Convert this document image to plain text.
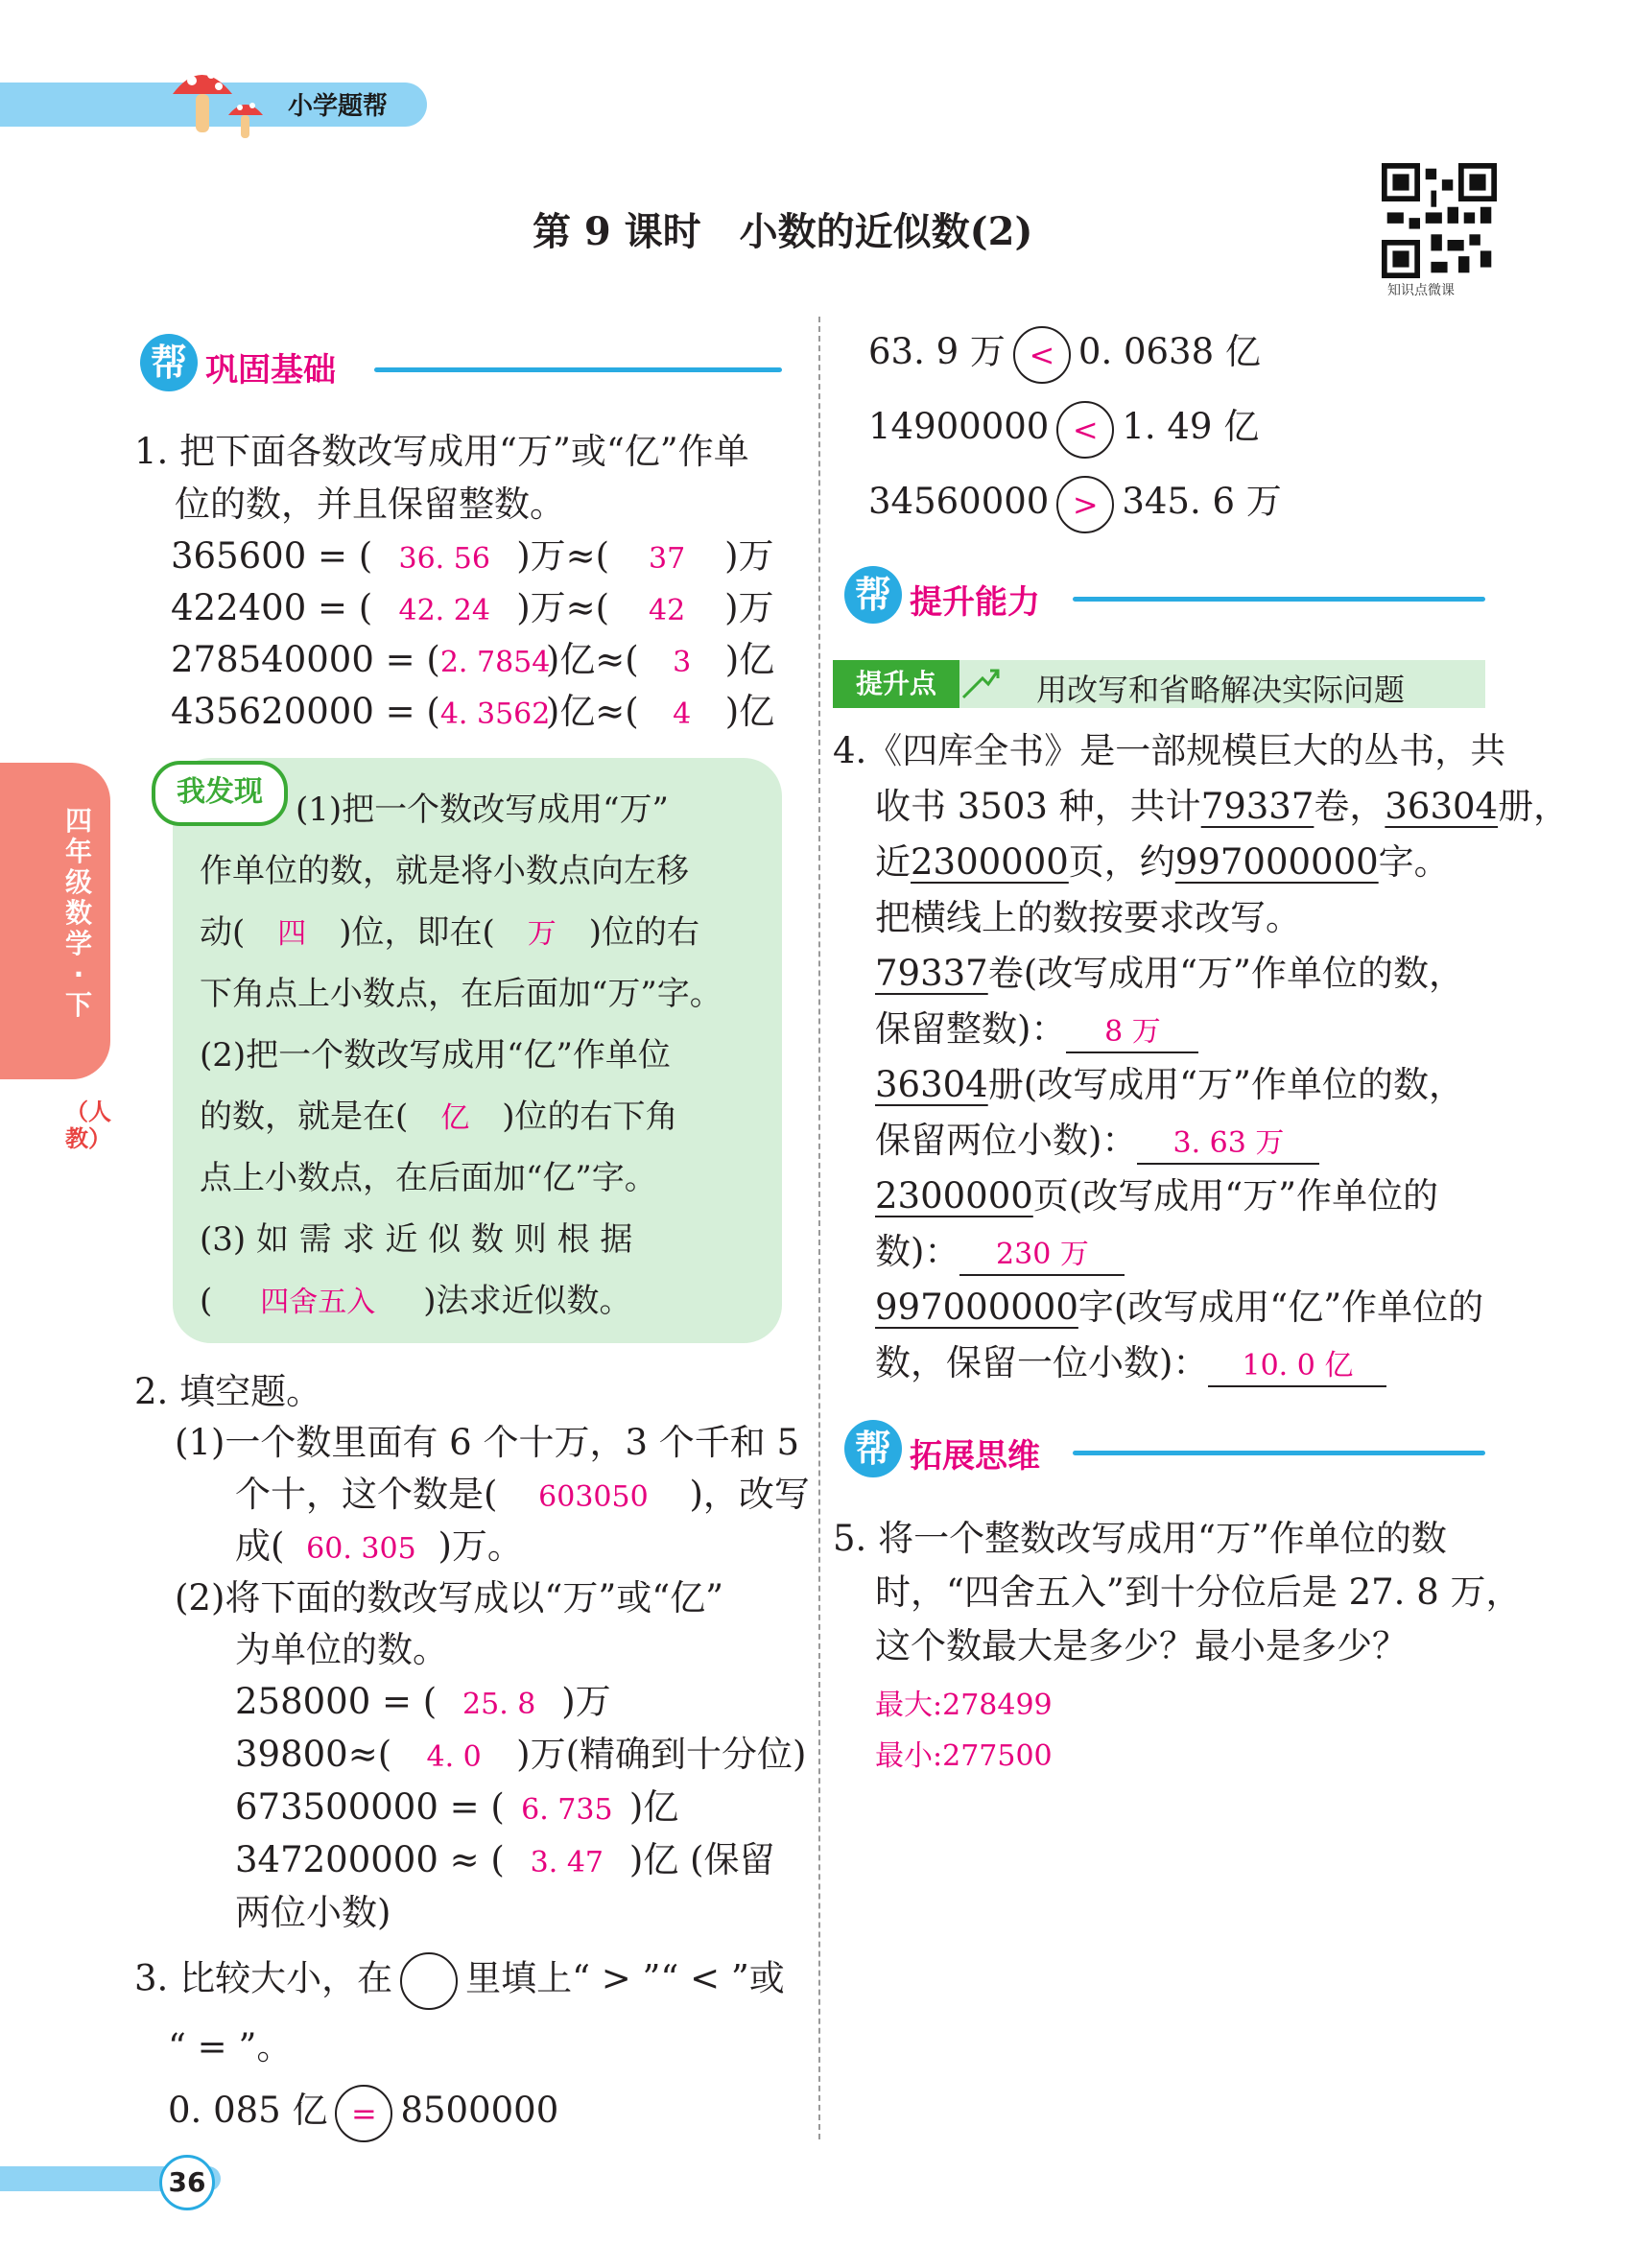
小学题帮
第 9 课时　小数的近似数(2)
知识点微课
四年级数学·下
（人教）
帮 巩固基础
1. 把下面各数改写成用“万”或“亿”作单
位的数，并且保留整数。
365600 = ( 36. 56 )万≈( 37 )万
422400 = ( 42. 24 )万≈( 42 )万
278540000 = (2. 7854)亿≈( 3 )亿
435620000 = (4. 3562)亿≈( 4 )亿
我发现	(1)把一个数改写成用“万”
作单位的数，就是将小数点向左移
动( 四 )位，即在( 万 )位的右
下角点上小数点，在后面加“万”字。
(2)把一个数改写成用“亿”作单位
的数，就是在( 亿 )位的右下角
点上小数点，在后面加“亿”字。
(3) 如 需 求 近 似 数 则 根 据
( 四舍五入 )法求近似数。
2. 填空题。
(1)一个数里面有 6 个十万，3 个千和 5
个十，这个数是( 603050 )，改写
成( 60. 305 )万。
(2)将下面的数改写成以“万”或“亿”
为单位的数。
258000 = ( 25. 8 )万
39800≈( 4. 0 )万(精确到十分位)
673500000 = ( 6. 735 )亿
347200000 ≈ ( 3. 47 )亿 (保留
两位小数)
3. 比较大小，在 里填上“ > ”“ < ”或
“ = ”。
0. 085 亿 = 8500000
63. 9 万 < 0. 0638 亿
14900000 < 1. 49 亿
34560000 > 345. 6 万
帮 提升能力
提升点	用改写和省略解决实际问题
4.《四库全书》是一部规模巨大的丛书，共
收书 3503 种，共计79337卷，36304册，
近2300000页，约997000000字。
把横线上的数按要求改写。
79337卷(改写成用“万”作单位的数，
保留整数)： 8 万
36304册(改写成用“万”作单位的数，
保留两位小数)： 3. 63 万
2300000页(改写成用“万”作单位的
数)： 230 万
997000000字(改写成用“亿”作单位的
数，保留一位小数)： 10. 0 亿
帮 拓展思维
5. 将一个整数改写成用“万”作单位的数
时，“四舍五入”到十分位后是 27. 8 万，
这个数最大是多少？最小是多少？
最大:278499
最小:277500
36
